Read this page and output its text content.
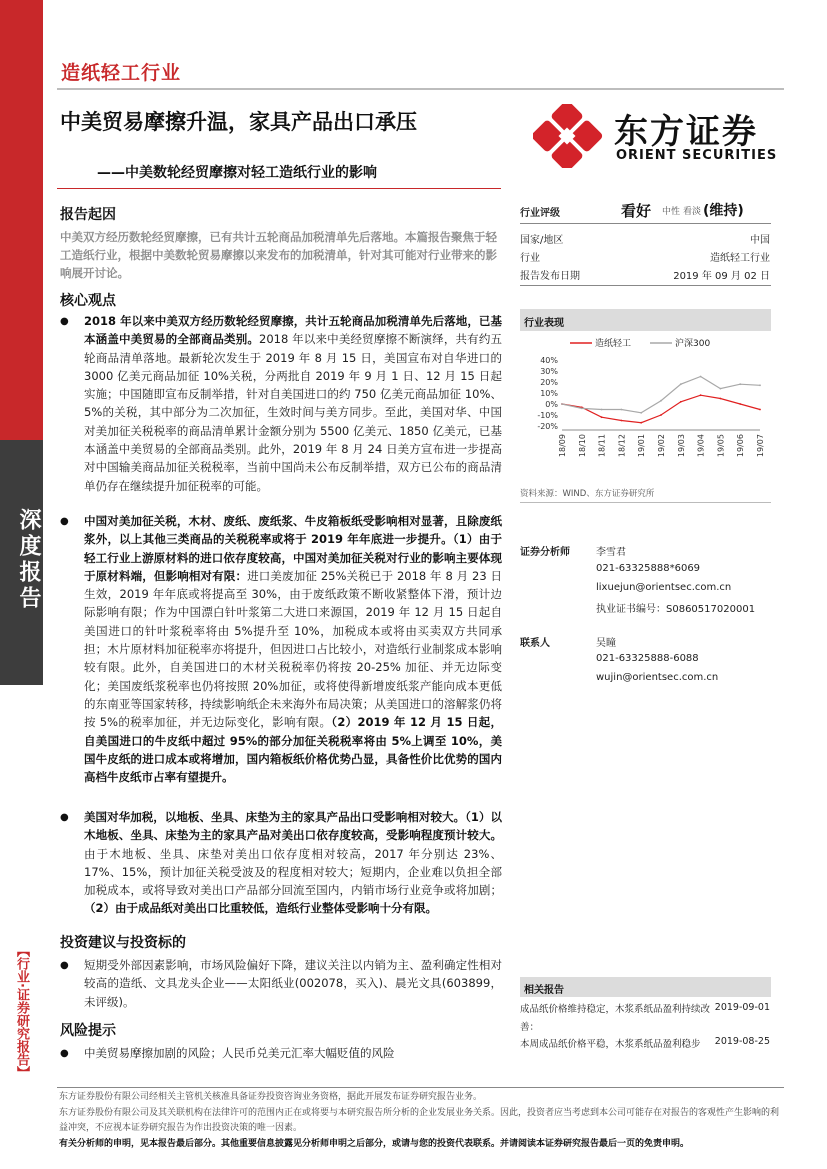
深度报告
【行业·证券研究报告】
造纸轻工行业
中美贸易摩擦升温，家具产品出口承压
——中美数轮经贸摩擦对轻工造纸行业的影响
东方证券
ORIENT SECURITIES
报告起因
中美双方经历数轮经贸摩擦，已有共计五轮商品加税清单先后落地。本篇报告聚焦于轻工造纸行业，根据中美数轮贸易摩擦以来发布的加税清单，针对其可能对行业带来的影响展开讨论。
核心观点
● 2018 年以来中美双方经历数轮经贸摩擦，共计五轮商品加税清单先后落地，已基本涵盖中美贸易的全部商品类别。2018 年以来中美经贸摩擦不断演绎，共有约五轮商品清单落地。最新轮次发生于 2019 年 8 月 15 日，美国宣布对自华进口的 3000 亿美元商品加征 10%关税，分两批自 2019 年 9 月 1 日、12 月 15 日起实施；中国随即宣布反制举措，针对自美国进口的约 750 亿美元商品加征 10%、5%的关税，其中部分为二次加征，生效时间与美方同步。至此，美国对华、中国对美加征关税税率的商品清单累计金额分别为 5500 亿美元、1850 亿美元，已基本涵盖中美贸易的全部商品类别。此外，2019 年 8 月 24 日美方宣布进一步提高对中国输美商品加征关税税率，当前中国尚未公布反制举措，双方已公布的商品清单仍存在继续提升加征税率的可能。
● 中国对美加征关税，木材、废纸、废纸浆、牛皮箱板纸受影响相对显著，且除废纸浆外，以上其他三类商品的关税税率或将于 2019 年年底进一步提升。（1）由于轻工行业上游原材料的进口依存度较高，中国对美加征关税对行业的影响主要体现于原材料端，但影响相对有限：进口美废加征 25%关税已于 2018 年 8 月 23 日生效，2019 年年底或将提高至 30%，由于废纸政策不断收紧整体下滑，预计边际影响有限；作为中国漂白针叶浆第二大进口来源国，2019 年 12 月 15 日起自美国进口的针叶浆税率将由 5%提升至 10%，加税成本或将由买卖双方共同承担；木片原材料加征税率亦将提升，但因进口占比较小，对造纸行业制浆成本影响较有限。此外，自美国进口的木材关税税率仍将按 20-25% 加征、并无边际变化；美国废纸浆税率也仍将按照 20%加征，或将使得新增废纸浆产能向成本更低的东南亚等国家转移，持续影响纸企未来海外布局决策；从美国进口的溶解浆仍将按 5%的税率加征，并无边际变化，影响有限。（2）2019 年 12 月 15 日起，自美国进口的牛皮纸中超过 95%的部分加征关税税率将由 5%上调至 10%，美国牛皮纸的进口成本或将增加，国内箱板纸价格优势凸显，具备性价比优势的国内高档牛皮纸市占率有望提升。
● 美国对华加税，以地板、坐具、床垫为主的家具产品出口受影响相对较大。（1）以木地板、坐具、床垫为主的家具产品对美出口依存度较高，受影响程度预计较大。由于木地板、坐具、床垫对美出口依存度相对较高，2017 年分别达 23%、17%、15%，预计加征关税受波及的程度相对较大；短期内，企业难以负担全部加税成本，或将导致对美出口产品部分回流至国内，内销市场行业竞争或将加剧；（2）由于成品纸对美出口比重较低，造纸行业整体受影响十分有限。
投资建议与投资标的
● 短期受外部因素影响，市场风险偏好下降，建议关注以内销为主、盈利确定性相对较高的造纸、文具龙头企业——太阳纸业(002078，买入)、晨光文具(603899，未评级)。
风险提示
● 中美贸易摩擦加剧的风险；人民币兑美元汇率大幅贬值的风险
行业评级	看好 中性 看淡 (维持)
国家/地区	中国
行业	造纸轻工行业
报告发布日期	2019 年 09 月 02 日
行业表现
造纸轻工	沪深300
40%
30%
20%
10%
0%
-10%
-20%
18/09 18/10 18/11 18/12 19/01 19/02 19/03 19/04 19/05 19/06 19/07
资料来源：WIND、东方证券研究所
证券分析师	李雪君
021-63325888*6069
lixuejun@orientsec.com.cn
执业证书编号：S0860517020001
联系人	吴瞳
021-63325888-6088
wujin@orientsec.com.cn
相关报告
成品纸价格维持稳定，木浆系纸品盈利持续改善：
2019-09-01
本周成品纸价格平稳，木浆系纸品盈利稳步 2019-08-25
东方证券股份有限公司经相关主管机关核准具备证券投资咨询业务资格，据此开展发布证券研究报告业务。
东方证券股份有限公司及其关联机构在法律许可的范围内正在或将要与本研究报告所分析的企业发展业务关系。因此，投资者应当考虑到本公司可能存在对报告的客观性产生影响的利益冲突，不应视本证券研究报告为作出投资决策的唯一因素。
有关分析师的申明，见本报告最后部分。其他重要信息披露见分析师申明之后部分，或请与您的投资代表联系。并请阅读本证券研究报告最后一页的免责申明。
